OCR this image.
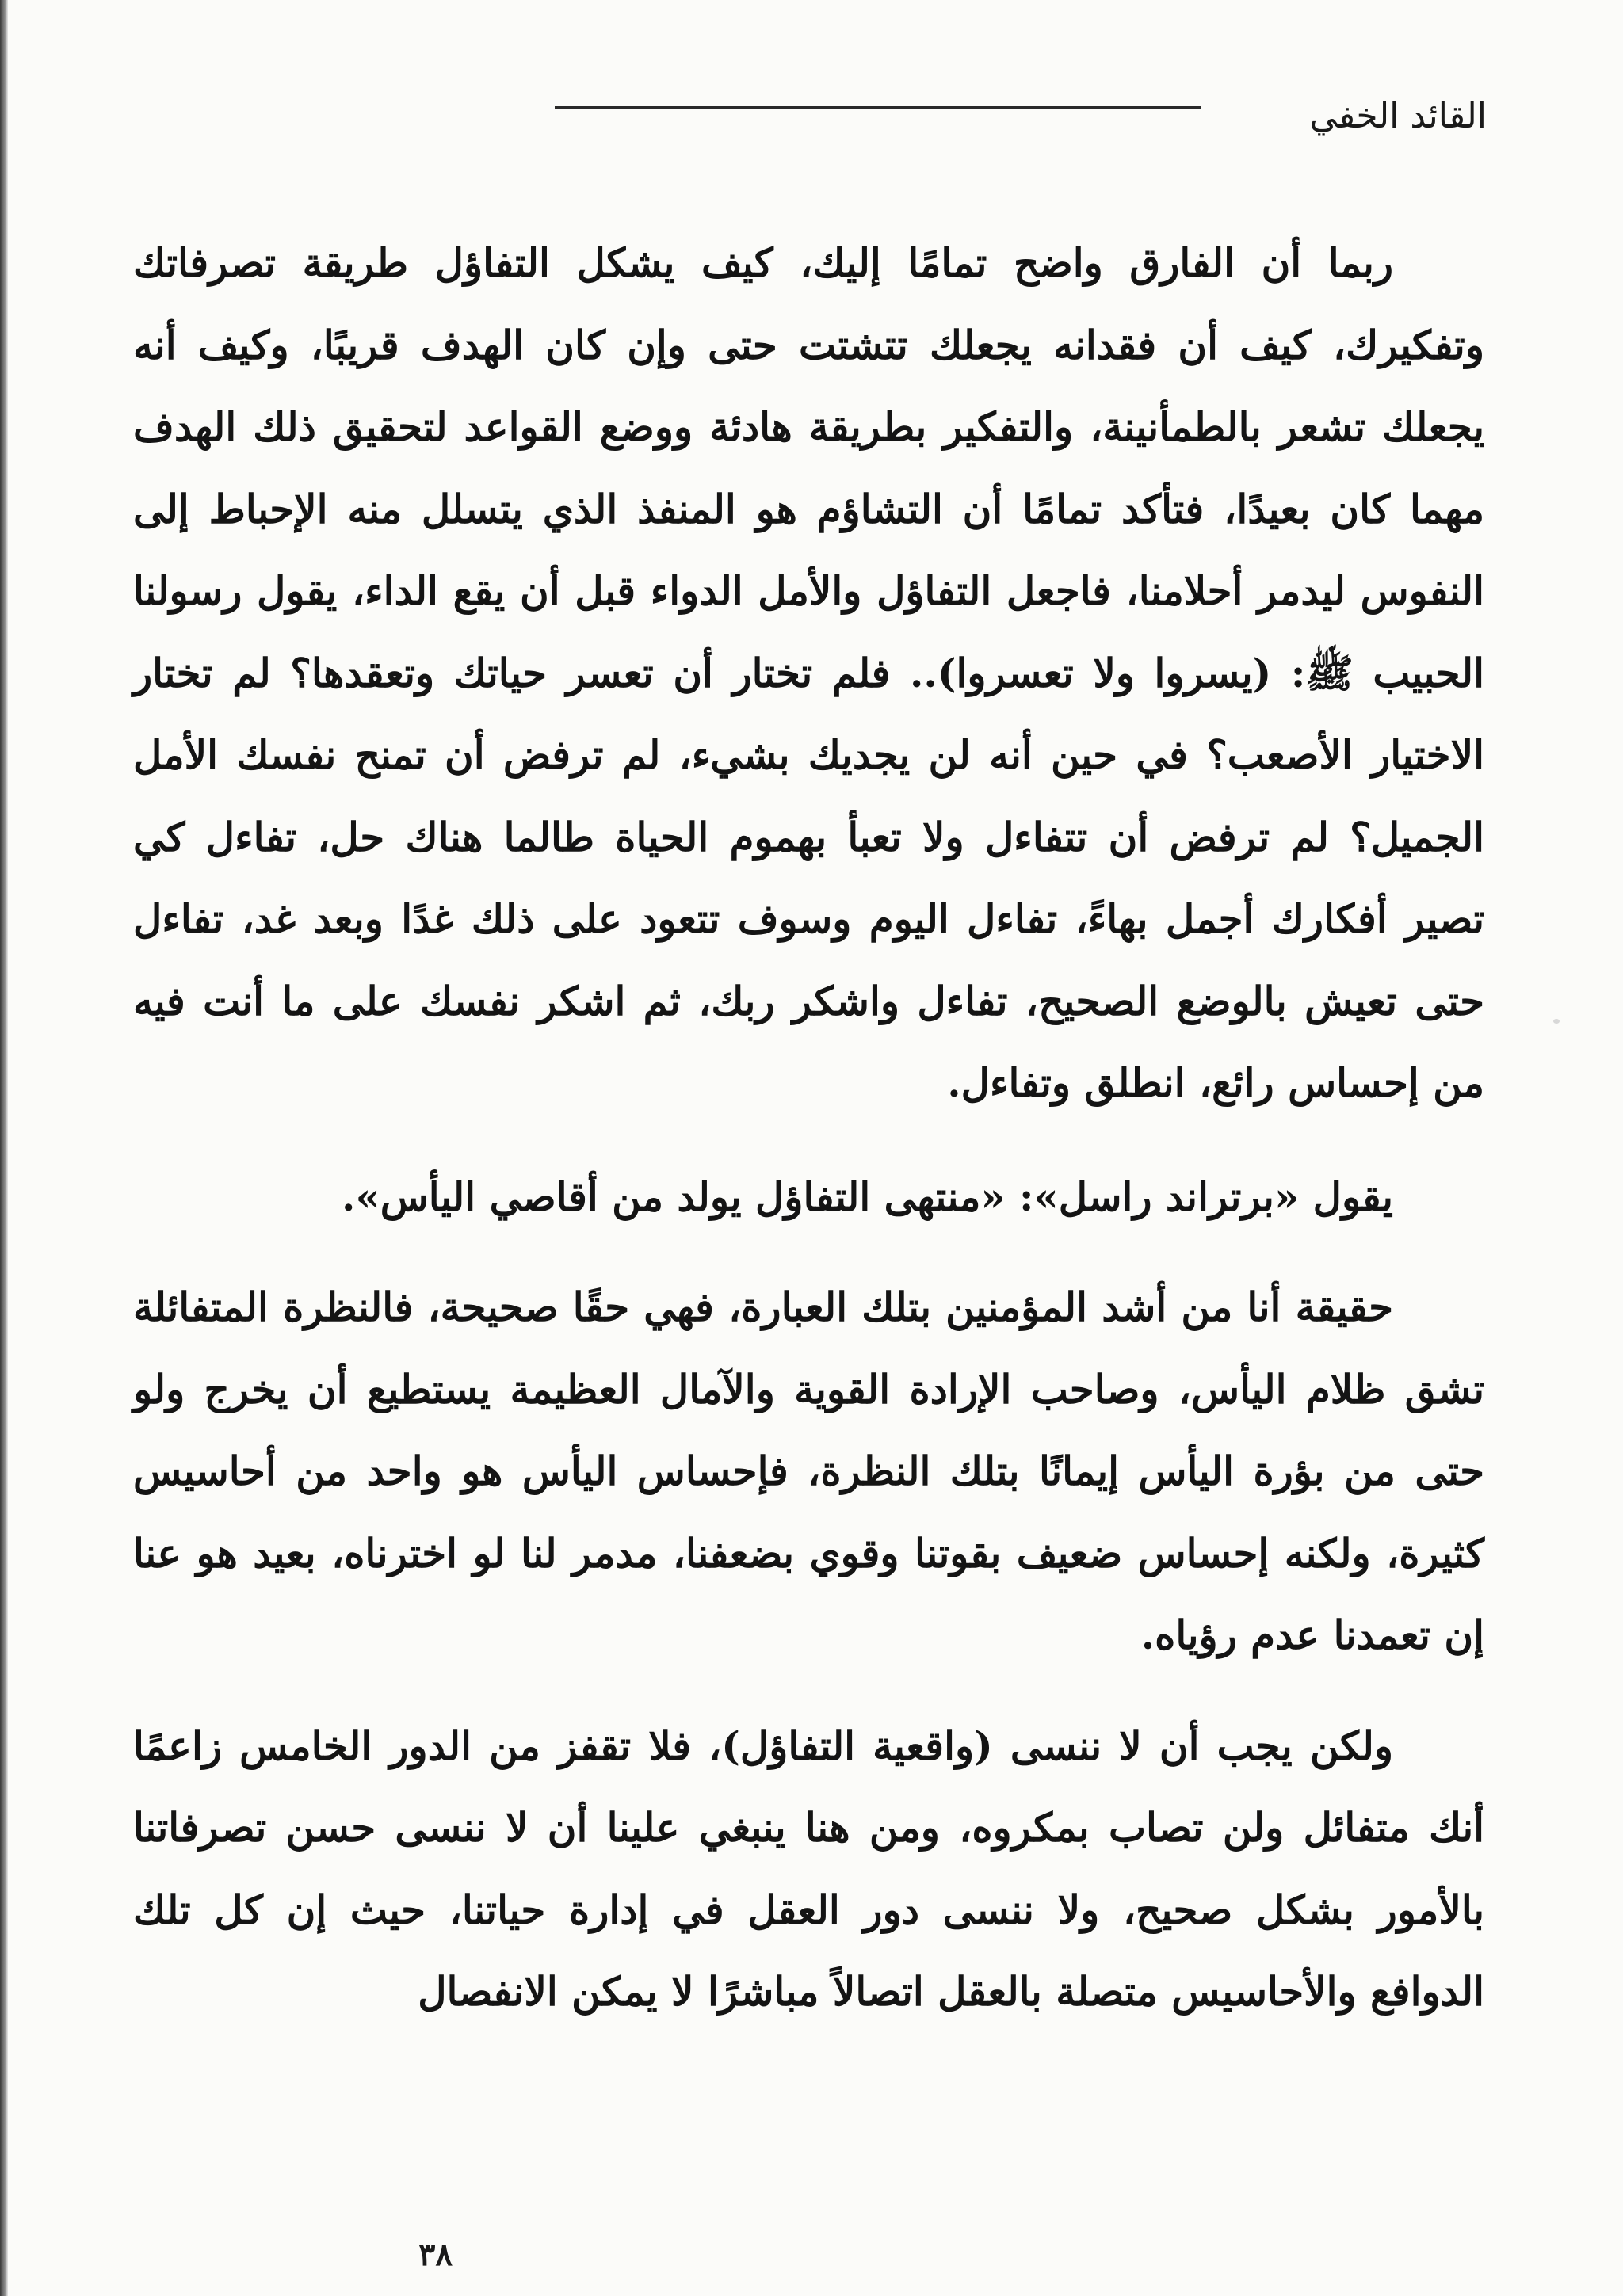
القائد الخفي

ربما أن الفارق واضح تمامًا إليك، كيف يشكل التفاؤل طريقة تصرفاتك وتفكيرك، كيف أن فقدانه يجعلك تتشتت حتى وإن كان الهدف قريبًا، وكيف أنه يجعلك تشعر بالطمأنينة، والتفكير بطريقة هادئة ووضع القواعد لتحقيق ذلك الهدف مهما كان بعيدًا، فتأكد تمامًا أن التشاؤم هو المنفذ الذي يتسلل منه الإحباط إلى النفوس ليدمر أحلامنا، فاجعل التفاؤل والأمل الدواء قبل أن يقع الداء، يقول رسولنا الحبيب ﷺ: (يسروا ولا تعسروا).. فلم تختار أن تعسر حياتك وتعقدها؟ لم تختار الاختيار الأصعب؟ في حين أنه لن يجديك بشيء، لم ترفض أن تمنح نفسك الأمل الجميل؟ لم ترفض أن تتفاءل ولا تعبأ بهموم الحياة طالما هناك حل، تفاءل كي تصير أفكارك أجمل بهاءً، تفاءل اليوم وسوف تتعود على ذلك غدًا وبعد غد، تفاءل حتى تعيش بالوضع الصحيح، تفاءل واشكر ربك، ثم اشكر نفسك على ما أنت فيه من إحساس رائع، انطلق وتفاءل.

يقول «برتراند راسل»: «منتهى التفاؤل يولد من أقاصي اليأس».

حقيقة أنا من أشد المؤمنين بتلك العبارة، فهي حقًا صحيحة، فالنظرة المتفائلة تشق ظلام اليأس، وصاحب الإرادة القوية والآمال العظيمة يستطيع أن يخرج ولو حتى من بؤرة اليأس إيمانًا بتلك النظرة، فإحساس اليأس هو واحد من أحاسيس كثيرة، ولكنه إحساس ضعيف بقوتنا وقوي بضعفنا، مدمر لنا لو اخترناه، بعيد هو عنا إن تعمدنا عدم رؤياه.

ولكن يجب أن لا ننسى (واقعية التفاؤل)، فلا تقفز من الدور الخامس زاعمًا أنك متفائل ولن تصاب بمكروه، ومن هنا ينبغي علينا أن لا ننسى حسن تصرفاتنا بالأمور بشكل صحيح، ولا ننسى دور العقل في إدارة حياتنا، حيث إن كل تلك الدوافع والأحاسيس متصلة بالعقل اتصالاً مباشرًا لا يمكن الانفصال

٣٨
